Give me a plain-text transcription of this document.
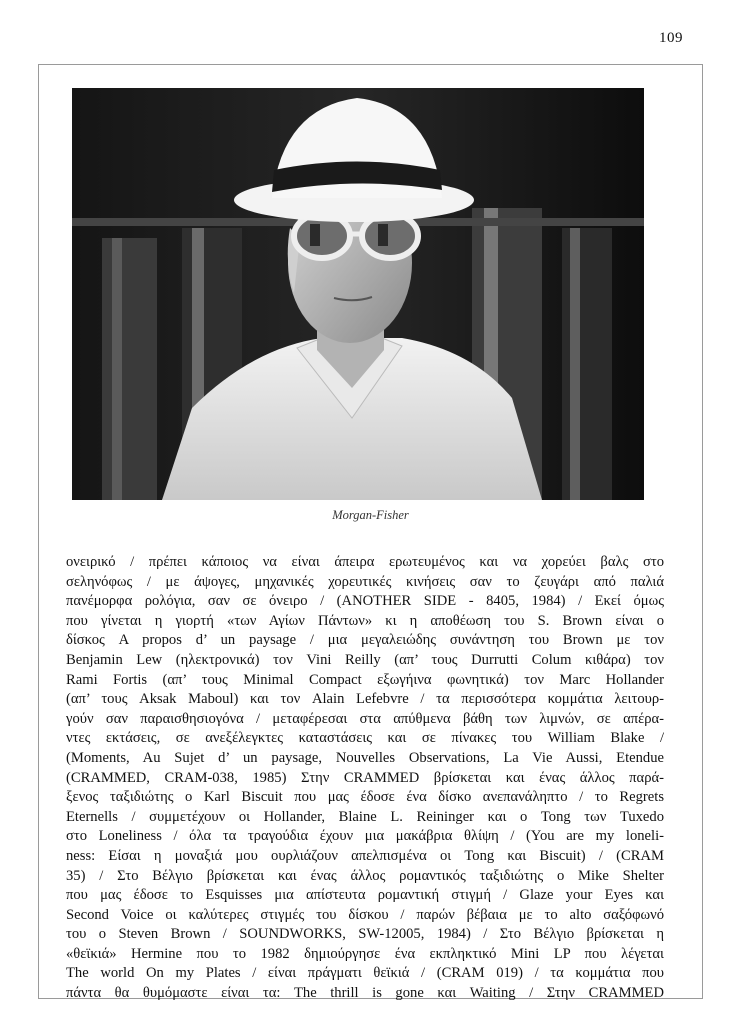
109
Morgan-Fisher
ονειρικό / πρέπει κάποιος να είναι άπειρα ερωτευμένος και να χορεύει βαλς στο
σεληνόφως / με άψογες, μηχανικές χορευτικές κινήσεις σαν το ζευγάρι από παλιά
πανέμορφα ρολόγια, σαν σε όνειρο / (ANOTHER SIDE - 8405, 1984) / Εκεί όμως
που γίνεται η γιορτή «των Αγίων Πάντων» κι η αποθέωση του S. Brown είναι ο
δίσκος A propos d’ un paysage / μια μεγαλειώδης συνάντηση του Brown με τον
Benjamin Lew (ηλεκτρονικά) τον Vini Reilly (απ’ τους Durrutti Colum κιθάρα) τον
Rami Fortis (απ’ τους Minimal Compact εξωγήινα φωνητικά) τον Marc Hollander
(απ’ τους Aksak Maboul) και τον Alain Lefebvre / τα περισσότερα κομμάτια λειτουρ-
γούν σαν παραισθησιογόνα / μεταφέρεσαι στα απύθμενα βάθη των λιμνών, σε απέρα-
ντες εκτάσεις, σε ανεξέλεγκτες καταστάσεις και σε πίνακες του William Blake /
(Moments, Au Sujet d’ un paysage, Nouvelles Observations, La Vie Aussi, Etendue
(CRAMMED, CRAM-038, 1985) Στην CRAMMED βρίσκεται και ένας άλλος παρά-
ξενος ταξιδιώτης ο Karl Biscuit που μας έδοσε ένα δίσκο ανεπανάληπτο / το Regrets
Eternells / συμμετέχουν οι Hollander, Blaine L. Reininger και ο Tong των Tuxedo
στο Loneliness / όλα τα τραγούδια έχουν μια μακάβρια θλίψη / (You are my loneli-
ness: Είσαι η μοναξιά μου ουρλιάζουν απελπισμένα οι Tong και Biscuit) / (CRAM
35) / Στο Βέλγιο βρίσκεται και ένας άλλος ρομαντικός ταξιδιώτης ο Mike Shelter
που μας έδοσε το Esquisses μια απίστευτα ρομαντική στιγμή / Glaze your Eyes και
Second Voice οι καλύτερες στιγμές του δίσκου / παρών βέβαια με το alto σαξόφωνό
του ο Steven Brown / SOUNDWORKS, SW-12005, 1984) / Στο Βέλγιο βρίσκεται η
«θεϊκιά» Hermine που το 1982 δημιούργησε ένα εκπληκτικό Mini LP που λέγεται
The world On my Plates / είναι πράγματι θεϊκιά / (CRAM 019) / τα κομμάτια που
πάντα θα θυμόμαστε είναι τα: The thrill is gone και Waiting / Στην CRAMMED
